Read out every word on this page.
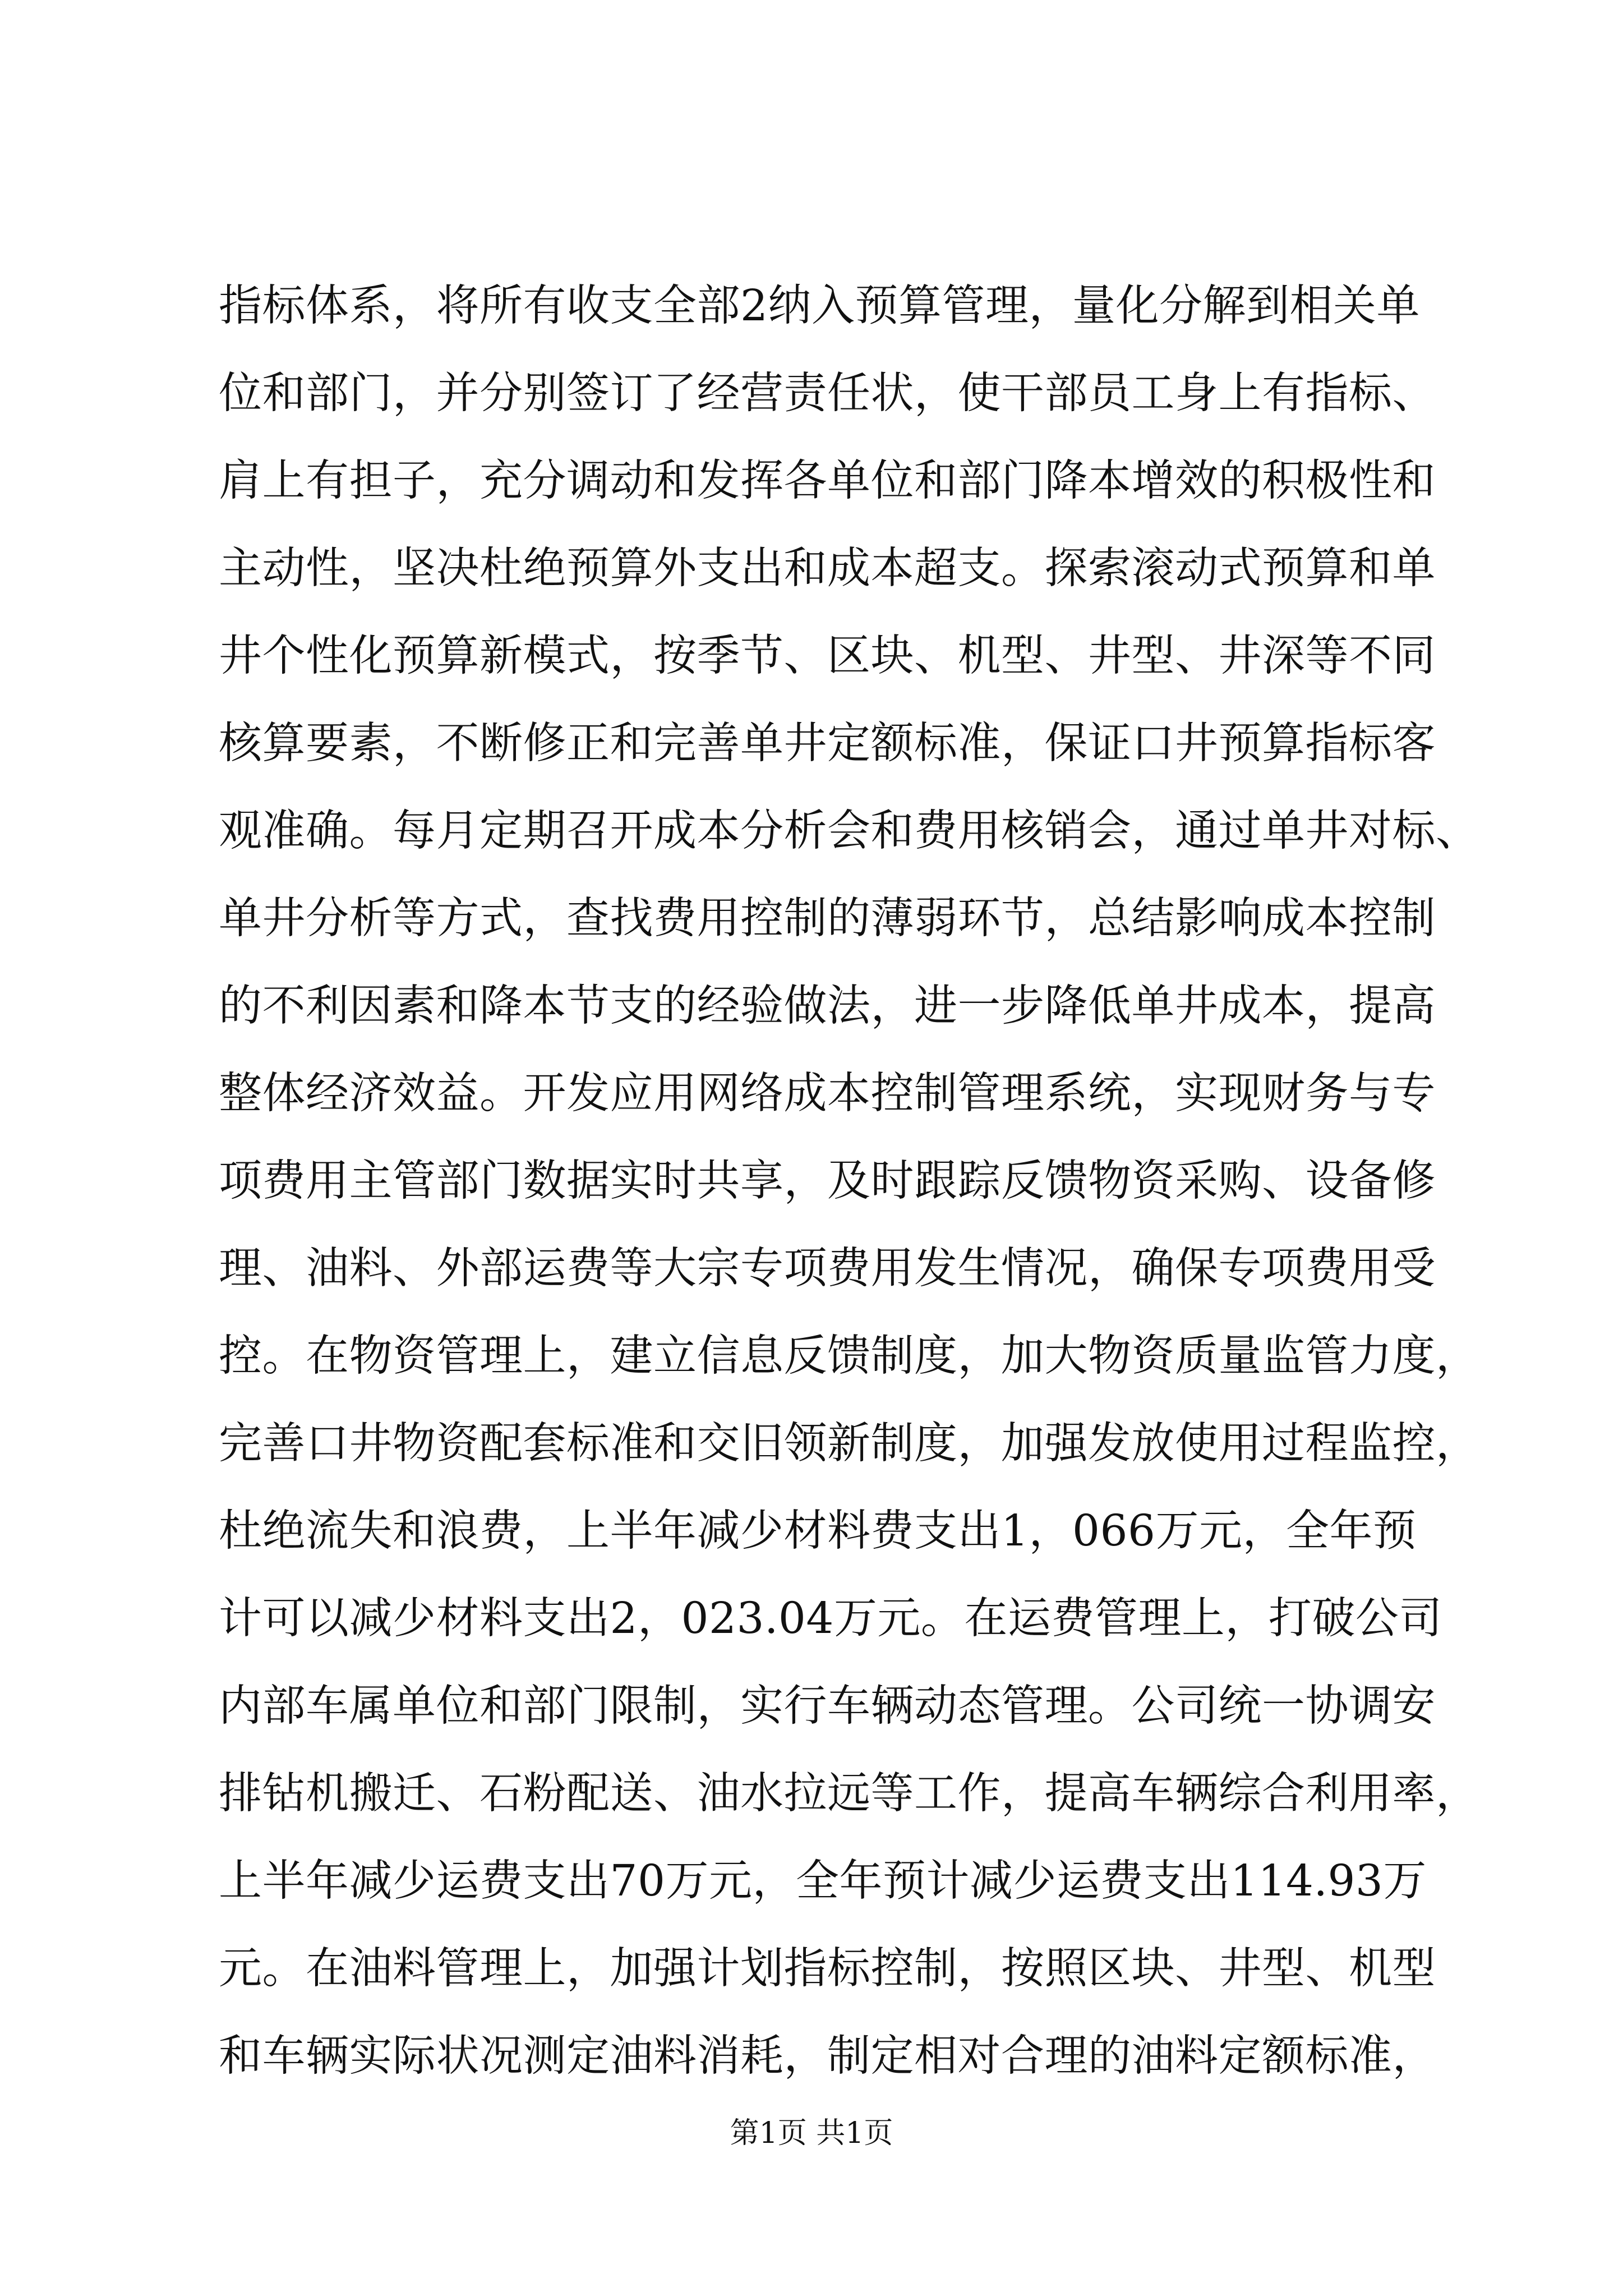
指标体系，将所有收支全部2纳入预算管理，量化分解到相关单
位和部门，并分别签订了经营责任状，使干部员工身上有指标、
肩上有担子，充分调动和发挥各单位和部门降本增效的积极性和
主动性，坚决杜绝预算外支出和成本超支。探索滚动式预算和单
井个性化预算新模式，按季节、区块、机型、井型、井深等不同
核算要素，不断修正和完善单井定额标准，保证口井预算指标客
观准确。每月定期召开成本分析会和费用核销会，通过单井对标、
单井分析等方式，查找费用控制的薄弱环节，总结影响成本控制
的不利因素和降本节支的经验做法，进一步降低单井成本，提高
整体经济效益。开发应用网络成本控制管理系统，实现财务与专
项费用主管部门数据实时共享，及时跟踪反馈物资采购、设备修
理、油料、外部运费等大宗专项费用发生情况，确保专项费用受
控。在物资管理上，建立信息反馈制度，加大物资质量监管力度，
完善口井物资配套标准和交旧领新制度，加强发放使用过程监控，
杜绝流失和浪费，上半年减少材料费支出1，066万元，全年预
计可以减少材料支出2，023.04万元。在运费管理上，打破公司
内部车属单位和部门限制，实行车辆动态管理。公司统一协调安
排钻机搬迁、石粉配送、油水拉远等工作，提高车辆综合利用率，
上半年减少运费支出70万元，全年预计减少运费支出114.93万
元。在油料管理上，加强计划指标控制，按照区块、井型、机型
和车辆实际状况测定油料消耗，制定相对合理的油料定额标准，
第1页 共1页
